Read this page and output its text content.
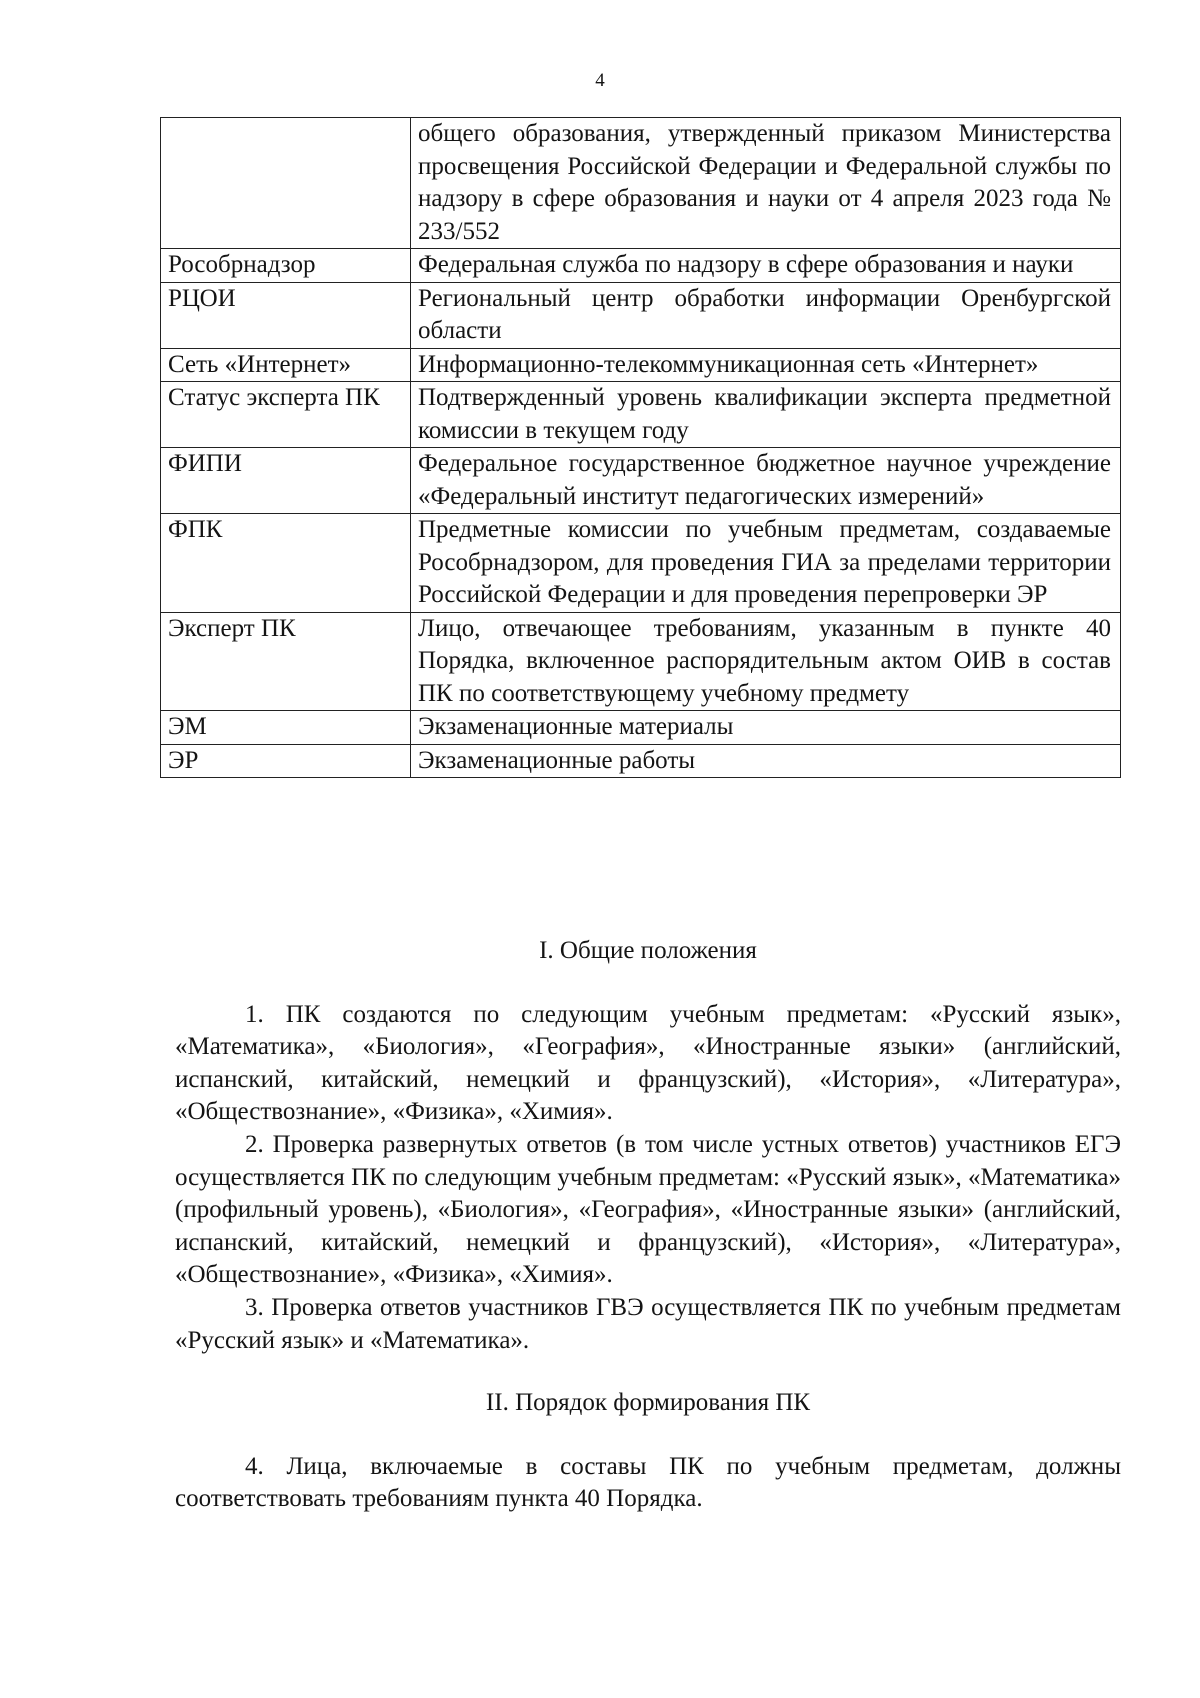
4
	общего образования, утвержденный приказом Министерства просвещения Российской Федерации и Федеральной службы по надзору в сфере образования и науки от 4 апреля 2023 года № 233/552
Рособрнадзор	Федеральная служба по надзору в сфере образования и науки
РЦОИ	Региональный центр обработки информации Оренбургской области
Сеть «Интернет»	Информационно-телекоммуникационная сеть «Интернет»
Статус эксперта ПК	Подтвержденный уровень квалификации эксперта предметной комиссии в текущем году
ФИПИ	Федеральное государственное бюджетное научное учреждение «Федеральный институт педагогических измерений»
ФПК	Предметные комиссии по учебным предметам, создаваемые Рособрнадзором, для проведения ГИА за пределами территории Российской Федерации и для проведения перепроверки ЭР
Эксперт ПК	Лицо, отвечающее требованиям, указанным в пункте 40 Порядка, включенное распорядительным актом ОИВ в состав ПК по соответствующему учебному предмету
ЭМ	Экзаменационные материалы
ЭР	Экзаменационные работы
I. Общие положения

1. ПК создаются по следующим учебным предметам: «Русский язык», «Математика», «Биология», «География», «Иностранные языки» (английский, испанский, китайский, немецкий и французский), «История», «Литература», «Обществознание», «Физика», «Химия».

2. Проверка развернутых ответов (в том числе устных ответов) участников ЕГЭ осуществляется ПК по следующим учебным предметам: «Русский язык», «Математика» (профильный уровень), «Биология», «География», «Иностранные языки» (английский, испанский, китайский, немецкий и французский), «История», «Литература», «Обществознание», «Физика», «Химия».

3. Проверка ответов участников ГВЭ осуществляется ПК по учебным предметам «Русский язык» и «Математика».

II. Порядок формирования ПК

4. Лица, включаемые в составы ПК по учебным предметам, должны соответствовать требованиям пункта 40 Порядка.
